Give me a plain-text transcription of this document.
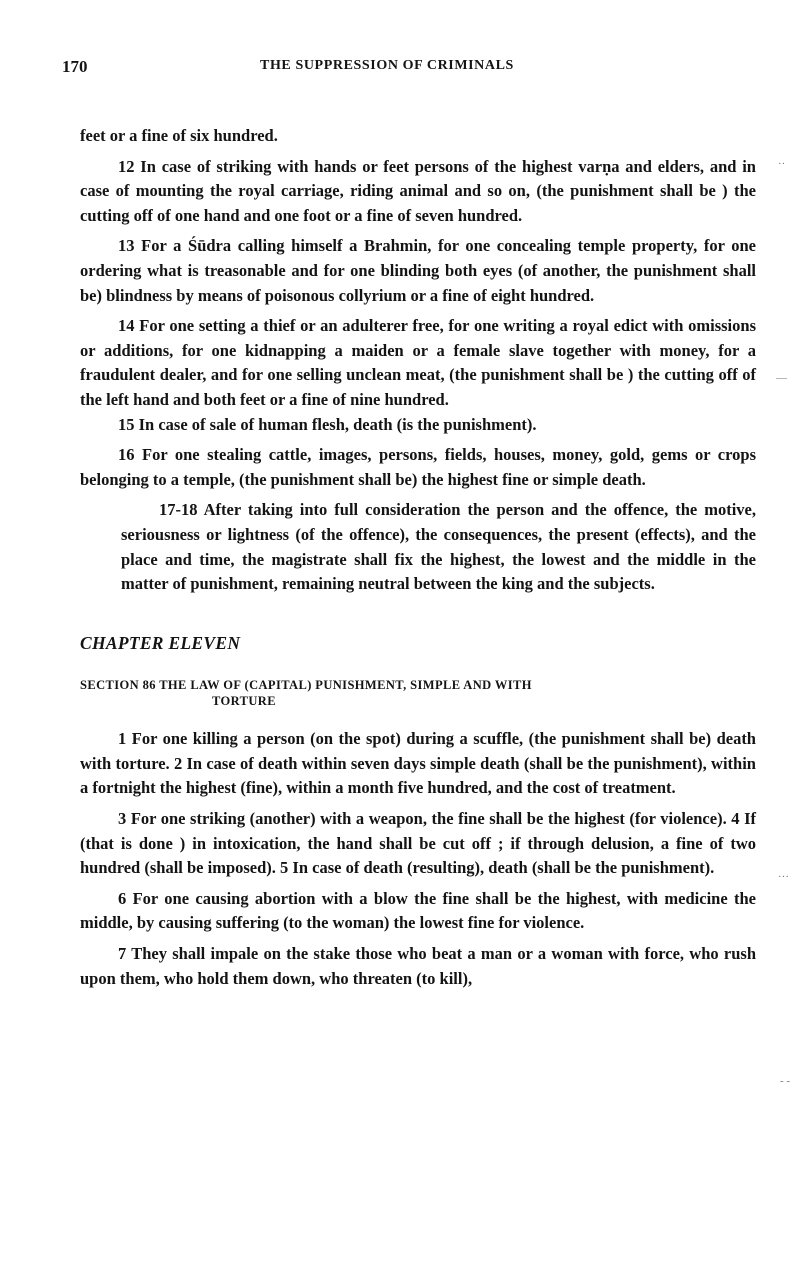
170	THE SUPPRESSION OF CRIMINALS

feet or a fine of six hundred.

12 In case of striking with hands or feet persons of the highest varṇa and elders, and in case of mounting the royal carriage, riding animal and so on, (the punishment shall be ) the cutting off of one hand and one foot or a fine of seven hundred.

13 For a Śūdra calling himself a Brahmin, for one concealing temple property, for one ordering what is treasonable and for one blinding both eyes (of another, the punishment shall be) blindness by means of poisonous collyrium or a fine of eight hundred.

14 For one setting a thief or an adulterer free, for one writing a royal edict with omissions or additions, for one kidnapping a maiden or a female slave together with money, for a fraudulent dealer, and for one selling unclean meat, (the punishment shall be ) the cutting off of the left hand and both feet or a fine of nine hundred.

15 In case of sale of human flesh, death (is the punishment).

16 For one stealing cattle, images, persons, fields, houses, money, gold, gems or crops belonging to a temple, (the punishment shall be) the highest fine or simple death.

17-18 After taking into full consideration the person and the offence, the motive, seriousness or lightness (of the offence), the consequences, the present (effects), and the place and time, the magistrate shall fix the highest, the lowest and the middle in the matter of punishment, remaining neutral between the king and the subjects.

CHAPTER ELEVEN
SECTION 86 THE LAW OF (CAPITAL) PUNISHMENT, SIMPLE AND WITH
TORTURE

1 For one killing a person (on the spot) during a scuffle, (the punishment shall be) death with torture. 2 In case of death within seven days simple death (shall be the punishment), within a fortnight the highest (fine), within a month five hundred, and the cost of treatment.

3 For one striking (another) with a weapon, the fine shall be the highest (for violence). 4 If (that is done ) in intoxication, the hand shall be cut off ; if through delusion, a fine of two hundred (shall be imposed). 5 In case of death (resulting), death (shall be the punishment).

6 For one causing abortion with a blow the fine shall be the highest, with medicine the middle, by causing suffering (to the woman) the lowest fine for violence.

7 They shall impale on the stake those who beat a man or a woman with force, who rush upon them, who hold them down, who threaten (to kill),

··
—
…
- -
